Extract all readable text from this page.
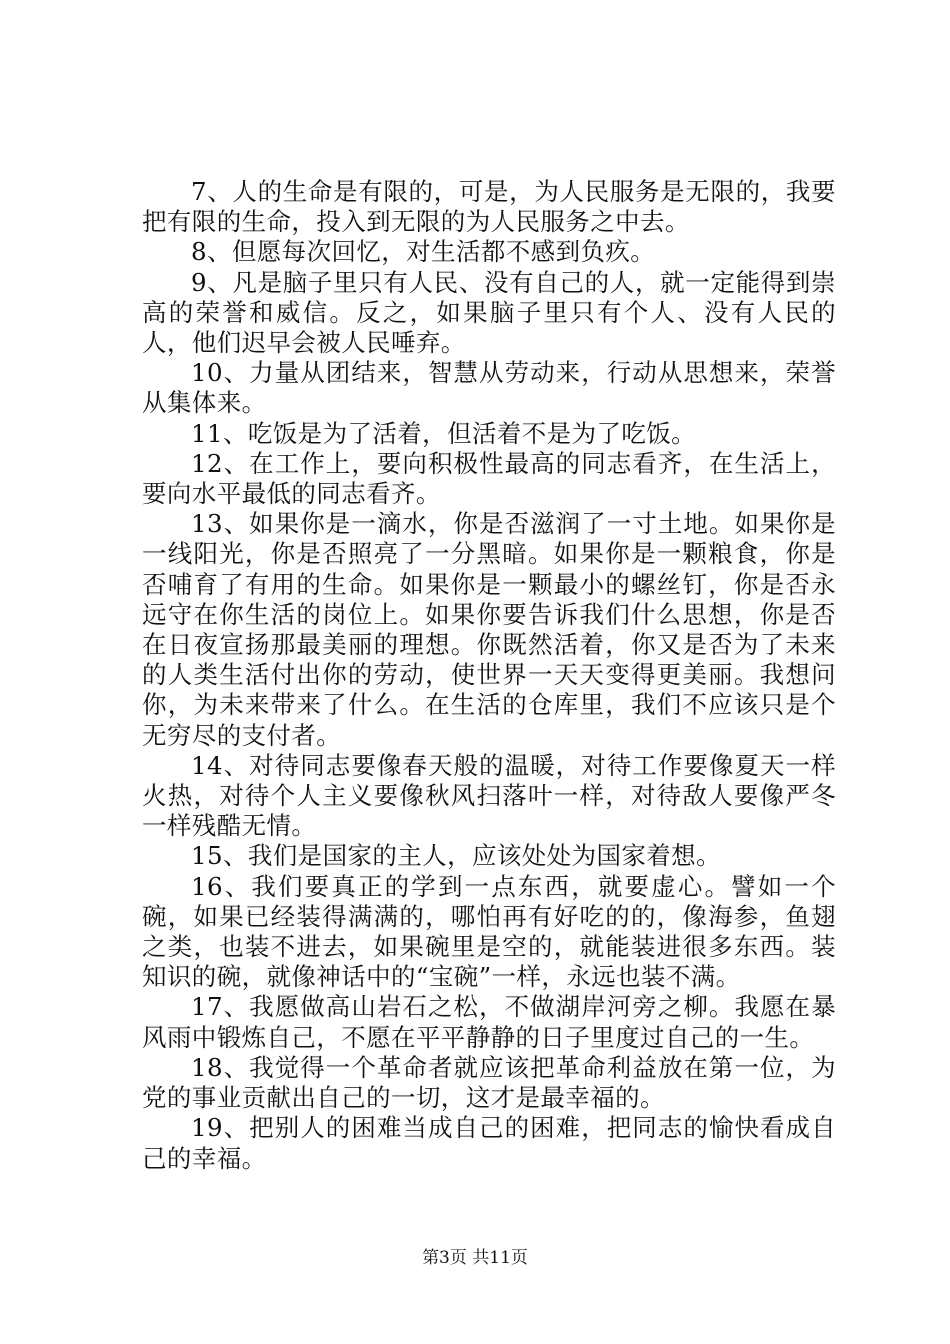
7、人的生命是有限的，可是，为人民服务是无限的，我要把有限的生命，投入到无限的为人民服务之中去。

8、但愿每次回忆，对生活都不感到负疚。

9、凡是脑子里只有人民、没有自己的人，就一定能得到崇高的荣誉和威信。反之，如果脑子里只有个人、没有人民的人，他们迟早会被人民唾弃。

10、力量从团结来，智慧从劳动来，行动从思想来，荣誉从集体来。

11、吃饭是为了活着，但活着不是为了吃饭。

12、在工作上，要向积极性最高的同志看齐，在生活上，要向水平最低的同志看齐。

13、如果你是一滴水，你是否滋润了一寸土地。如果你是一线阳光，你是否照亮了一分黑暗。如果你是一颗粮食，你是否哺育了有用的生命。如果你是一颗最小的螺丝钉，你是否永远守在你生活的岗位上。如果你要告诉我们什么思想，你是否在日夜宣扬那最美丽的理想。你既然活着，你又是否为了未来的人类生活付出你的劳动，使世界一天天变得更美丽。我想问你，为未来带来了什么。在生活的仓库里，我们不应该只是个无穷尽的支付者。

14、对待同志要像春天般的温暖，对待工作要像夏天一样火热，对待个人主义要像秋风扫落叶一样，对待敌人要像严冬一样残酷无情。

15、我们是国家的主人，应该处处为国家着想。

16、我们要真正的学到一点东西，就要虚心。譬如一个碗，如果已经装得满满的，哪怕再有好吃的的，像海参，鱼翅之类，也装不进去，如果碗里是空的，就能装进很多东西。装知识的碗，就像神话中的“宝碗”一样，永远也装不满。

17、我愿做高山岩石之松，不做湖岸河旁之柳。我愿在暴风雨中锻炼自己，不愿在平平静静的日子里度过自己的一生。

18、我觉得一个革命者就应该把革命利益放在第一位，为党的事业贡献出自己的一切，这才是最幸福的。

19、把别人的困难当成自己的困难，把同志的愉快看成自己的幸福。

第3页 共11页
